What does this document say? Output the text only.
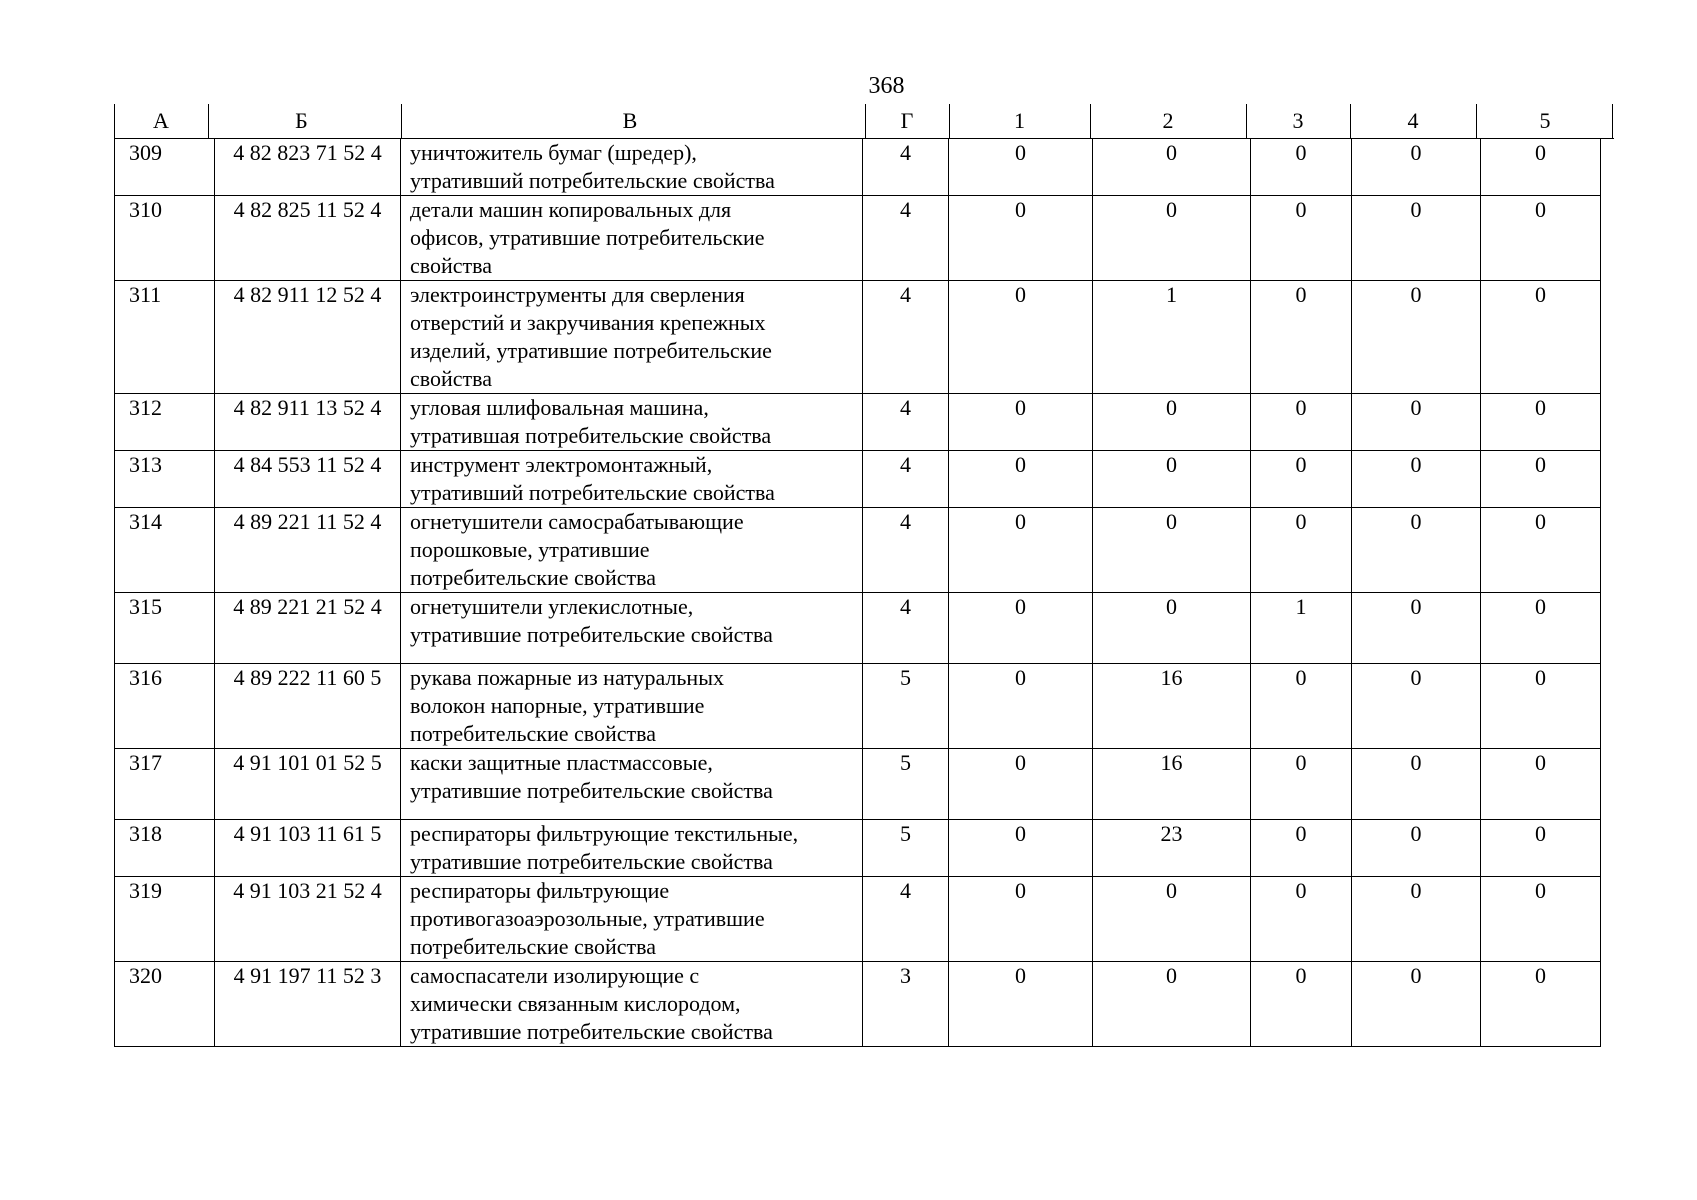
368
А	Б	В	Г	1	2	3	4	5
309	4 82 823 71 52 4	уничтожитель бумаг (шредер),
утративший потребительские свойства	4	0	0	0	0	0
310	4 82 825 11 52 4	детали машин копировальных для
офисов, утратившие потребительские
свойства	4	0	0	0	0	0
311	4 82 911 12 52 4	электроинструменты для сверления
отверстий и закручивания крепежных
изделий, утратившие потребительские
свойства	4	0	1	0	0	0
312	4 82 911 13 52 4	угловая шлифовальная машина,
утратившая потребительские свойства	4	0	0	0	0	0
313	4 84 553 11 52 4	инструмент электромонтажный,
утративший потребительские свойства	4	0	0	0	0	0
314	4 89 221 11 52 4	огнетушители самосрабатывающие
порошковые, утратившие
потребительские свойства	4	0	0	0	0	0
315	4 89 221 21 52 4	огнетушители углекислотные,
утратившие потребительские свойства	4	0	0	1	0	0
316	4 89 222 11 60 5	рукава пожарные из натуральных
волокон напорные, утратившие
потребительские свойства	5	0	16	0	0	0
317	4 91 101 01 52 5	каски защитные пластмассовые,
утратившие потребительские свойства	5	0	16	0	0	0
318	4 91 103 11 61 5	респираторы фильтрующие текстильные,
утратившие потребительские свойства	5	0	23	0	0	0
319	4 91 103 21 52 4	респираторы фильтрующие
противогазоаэрозольные, утратившие
потребительские свойства	4	0	0	0	0	0
320	4 91 197 11 52 3	самоспасатели изолирующие с
химически связанным кислородом,
утратившие потребительские свойства	3	0	0	0	0	0
